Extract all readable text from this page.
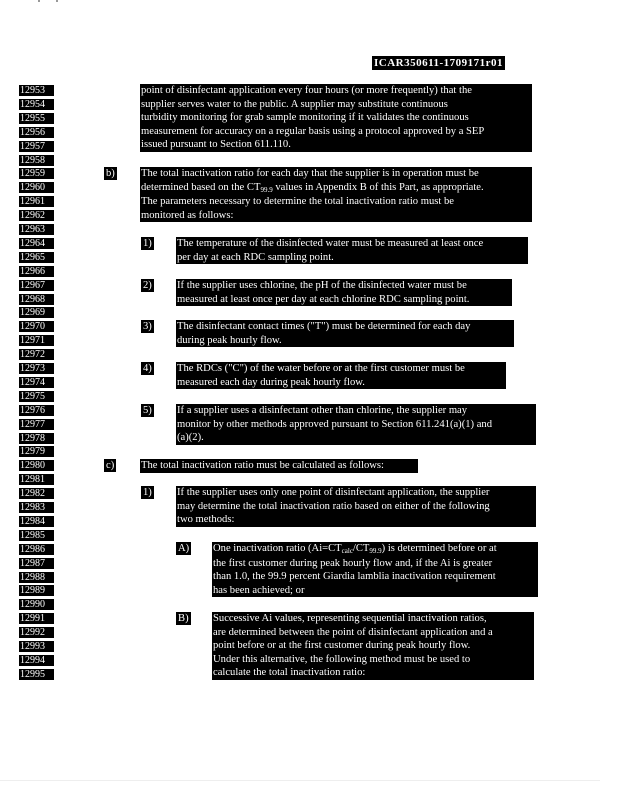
ICAR350611-1709171r01
12953
12954
12955
12956
12957
12958
12959
12960
12961
12962
12963
12964
12965
12966
12967
12968
12969
12970
12971
12972
12973
12974
12975
12976
12977
12978
12979
12980
12981
12982
12983
12984
12985
12986
12987
12988
12989
12990
12991
12992
12993
12994
12995
point of disinfectant application every four hours (or more frequently) that the
supplier serves water to the public. A supplier may substitute continuous
turbidity monitoring for grab sample monitoring if it validates the continuous
measurement for accuracy on a regular basis using a protocol approved by a SEP
issued pursuant to Section 611.110.
b) The total inactivation ratio for each day that the supplier is in operation must be
determined based on the $CT_{99.9}$ values in Appendix B of this Part, as appropriate.
The parameters necessary to determine the total inactivation ratio must be
monitored as follows:
1) The temperature of the disinfected water must be measured at least once
per day at each RDC sampling point.
2) If the supplier uses chlorine, the pH of the disinfected water must be
measured at least once per day at each chlorine RDC sampling point.
3) The disinfectant contact times ("T") must be determined for each day
during peak hourly flow.
4) The RDCs ("C") of the water before or at the first customer must be
measured each day during peak hourly flow.
5) If a supplier uses a disinfectant other than chlorine, the supplier may
monitor by other methods approved pursuant to Section 611.241(a)(1) and
(a)(2).
c)	The total inactivation ratio must be calculated as follows:
1) If the supplier uses only one point of disinfectant application, the supplier
may determine the total inactivation ratio based on either of the following
two methods:
A) One inactivation ratio $(Ai=CT_{calc}/CT_{99.9})$ is determined before or at
the first customer during peak hourly flow and, if the Ai is greater
than 1.0, the 99.9 percent Giardia lamblia inactivation requirement
has been achieved; or
B) Successive Ai values, representing sequential inactivation ratios,
are determined between the point of disinfectant application and a
point before or at the first customer during peak hourly flow.
Under this alternative, the following method must be used to
calculate the total inactivation ratio:
